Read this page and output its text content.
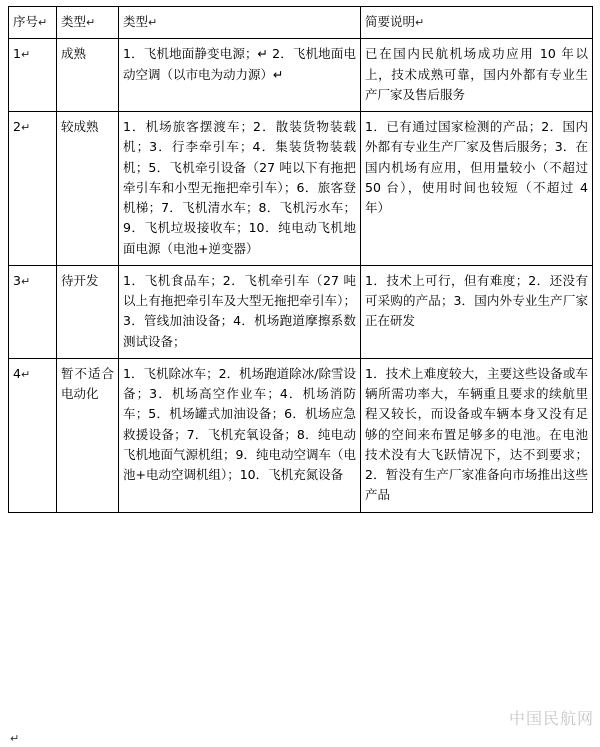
序号↵	类型↵	类型↵	简要说明↵
1↵	成熟	1．飞机地面静变电源；↵ 2．飞机地面电动空调（以市电为动力源）↵	已在国内民航机场成功应用 10 年以上，技术成熟可靠，国内外都有专业生产厂家及售后服务
2↵	较成熟	1．机场旅客摆渡车；2．散装货物装载机；3．行李牵引车；4．集装货物装载机；5．飞机牵引设备（27 吨以下有拖把牵引车和小型无拖把牵引车）；6．旅客登机梯；7．飞机清水车；8．飞机污水车；9．飞机垃圾接收车；10．纯电动飞机地面电源（电池+逆变器）	1．已有通过国家检测的产品；2．国内外都有专业生产厂家及售后服务；3．在国内机场有应用，但用量较小（不超过 50 台），使用时间也较短（不超过 4 年）
3↵	待开发	1．飞机食品车；2．飞机牵引车（27 吨以上有拖把牵引车及大型无拖把牵引车）；3．管线加油设备；4．机场跑道摩擦系数测试设备；	1．技术上可行，但有难度；2．还没有可采购的产品；3．国内外专业生产厂家正在研发
4↵	暂不适合电动化	1．飞机除冰车；2．机场跑道除冰/除雪设备；3．机场高空作业车；4．机场消防车；5．机场罐式加油设备；6．机场应急救援设备；7．飞机充氧设备；8．纯电动飞机地面气源机组；9．纯电动空调车（电池+电动空调机组）；10．飞机充氮设备	1．技术上难度较大，主要这些设备或车辆所需功率大，车辆重且要求的续航里程又较长，而设备或车辆本身又没有足够的空间来布置足够多的电池。在电池技术没有大飞跃情况下，达不到要求；2．暂没有生产厂家准备向市场推出这些产品
中国民航网
↵
